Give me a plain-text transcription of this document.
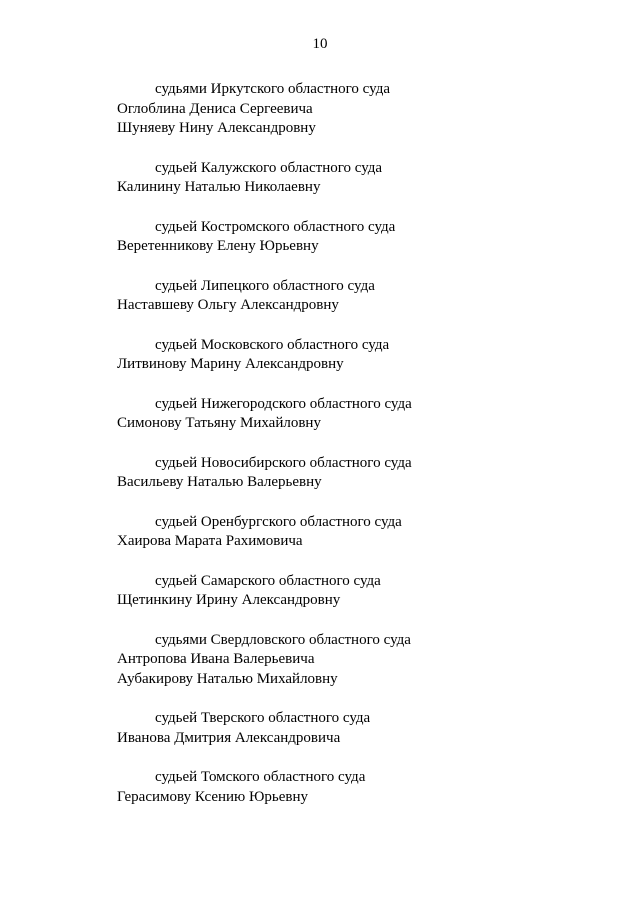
10
судьями Иркутского областного суда
Оглоблина Дениса Сергеевича
Шуняеву Нину Александровну
судьей Калужского областного суда
Калинину Наталью Николаевну
судьей Костромского областного суда
Веретенникову Елену Юрьевну
судьей Липецкого областного суда
Наставшеву Ольгу Александровну
судьей Московского областного суда
Литвинову Марину Александровну
судьей Нижегородского областного суда
Симонову Татьяну Михайловну
судьей Новосибирского областного суда
Васильеву Наталью Валерьевну
судьей Оренбургского областного суда
Хаирова Марата Рахимовича
судьей Самарского областного суда
Щетинкину Ирину Александровну
судьями Свердловского областного суда
Антропова Ивана Валерьевича
Аубакирову Наталью Михайловну
судьей Тверского областного суда
Иванова Дмитрия Александровича
судьей Томского областного суда
Герасимову Ксению Юрьевну
